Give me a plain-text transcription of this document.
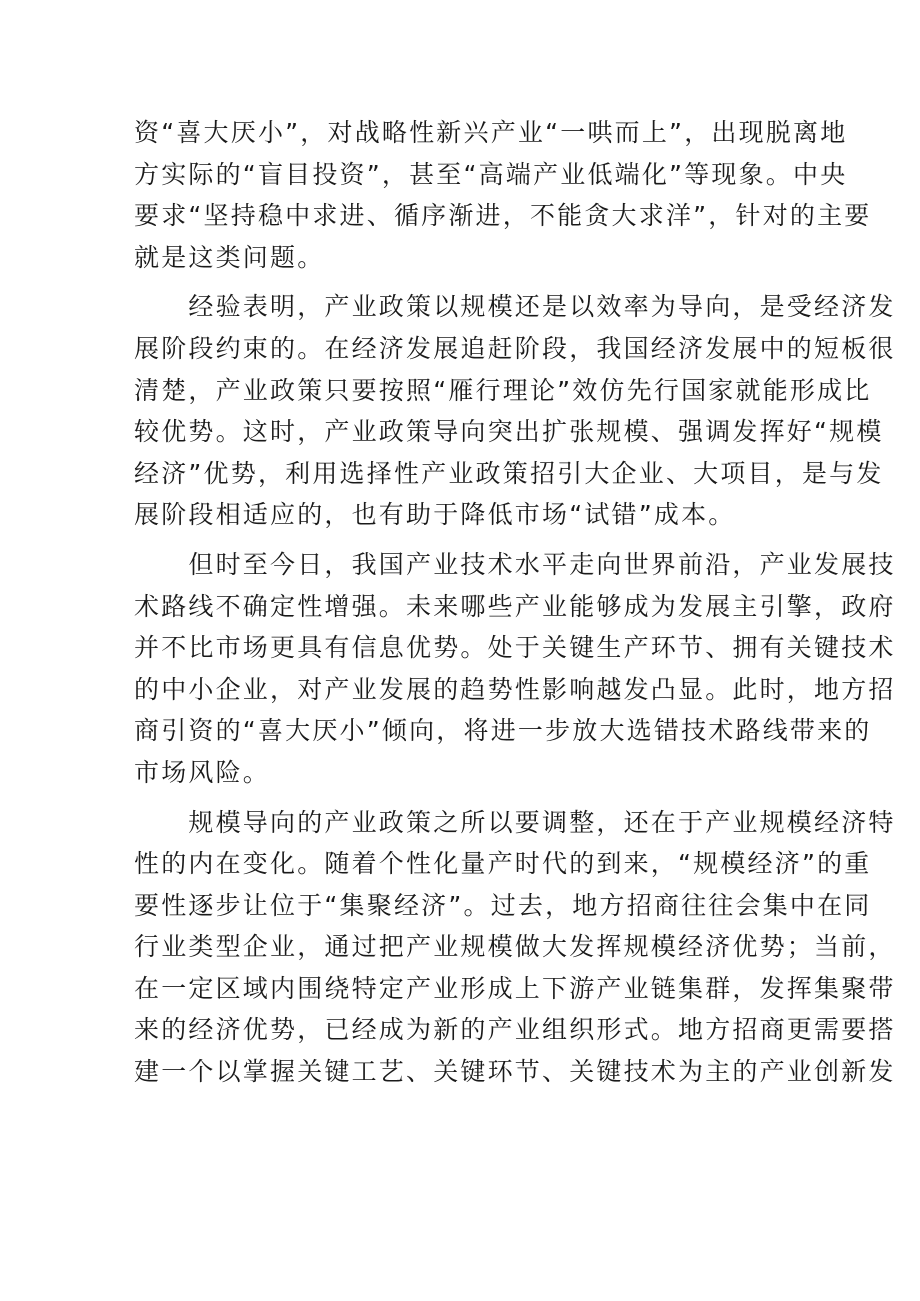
资“喜大厌小”，对战略性新兴产业“一哄而上”，出现脱离地
方实际的“盲目投资”，甚至“高端产业低端化”等现象。中央
要求“坚持稳中求进、循序渐进，不能贪大求洋”，针对的主要
就是这类问题。
　　经验表明，产业政策以规模还是以效率为导向，是受经济发
展阶段约束的。在经济发展追赶阶段，我国经济发展中的短板很
清楚，产业政策只要按照“雁行理论”效仿先行国家就能形成比
较优势。这时，产业政策导向突出扩张规模、强调发挥好“规模
经济”优势，利用选择性产业政策招引大企业、大项目，是与发
展阶段相适应的，也有助于降低市场“试错”成本。
　　但时至今日，我国产业技术水平走向世界前沿，产业发展技
术路线不确定性增强。未来哪些产业能够成为发展主引擎，政府
并不比市场更具有信息优势。处于关键生产环节、拥有关键技术
的中小企业，对产业发展的趋势性影响越发凸显。此时，地方招
商引资的“喜大厌小”倾向，将进一步放大选错技术路线带来的
市场风险。
　　规模导向的产业政策之所以要调整，还在于产业规模经济特
性的内在变化。随着个性化量产时代的到来，“规模经济”的重
要性逐步让位于“集聚经济”。过去，地方招商往往会集中在同
行业类型企业，通过把产业规模做大发挥规模经济优势；当前，
在一定区域内围绕特定产业形成上下游产业链集群，发挥集聚带
来的经济优势，已经成为新的产业组织形式。地方招商更需要搭
建一个以掌握关键工艺、关键环节、关键技术为主的产业创新发
